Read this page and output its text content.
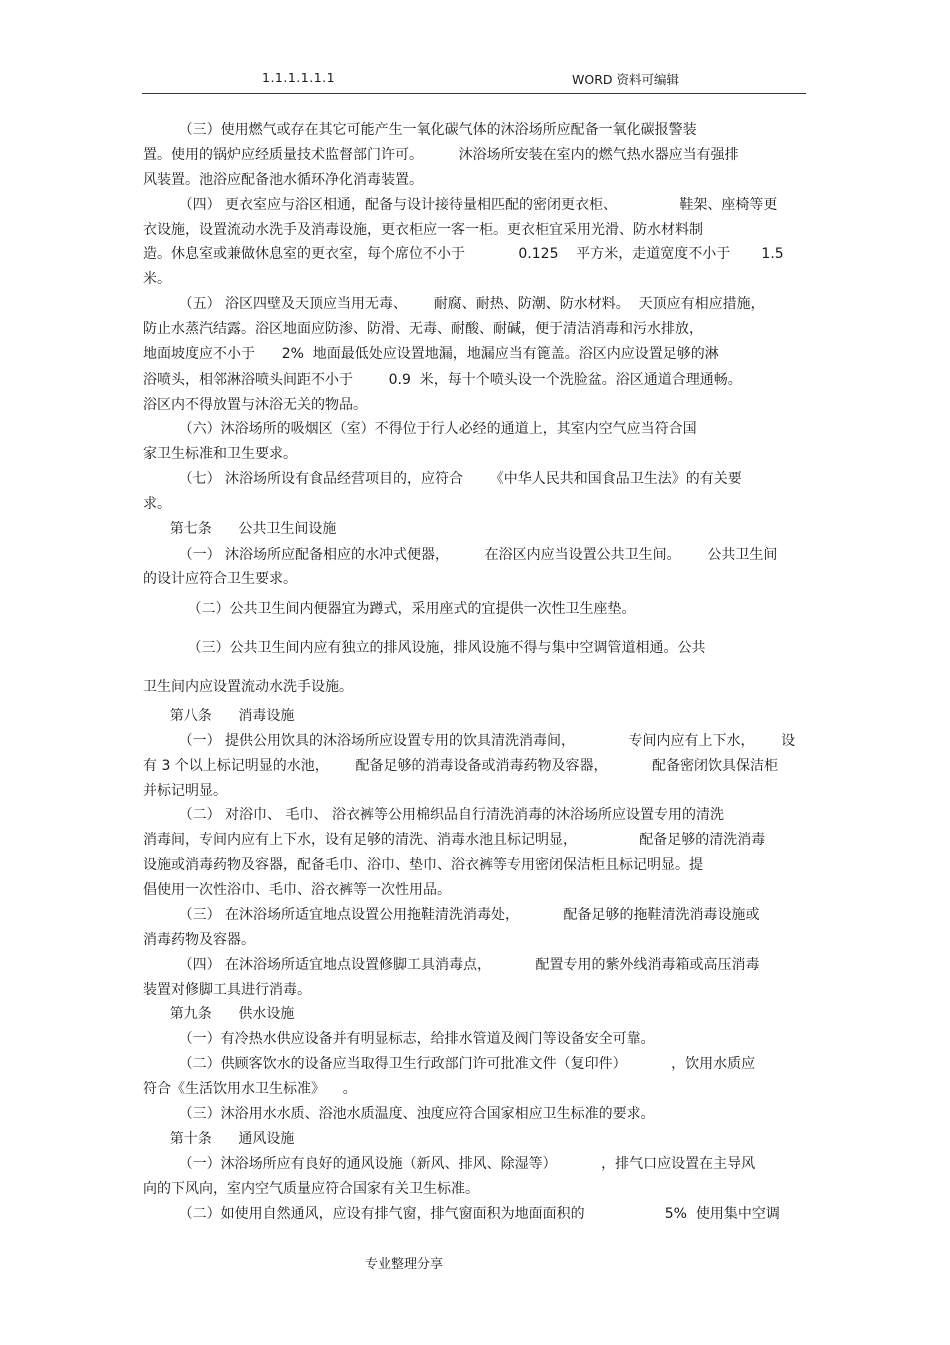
1.1.1.1.1.1	WORD 资料可编辑
（三）使用燃气或存在其它可能产生一氧化碳气体的沐浴场所应配备一氧化碳报警装
置。使用的锅炉应经质量技术监督部门许可。        沐浴场所安装在室内的燃气热水器应当有强排
风装置。池浴应配备池水循环净化消毒装置。
（四） 更衣室应与浴区相通，配备与设计接待量相匹配的密闭更衣柜、              鞋架、座椅等更
衣设施，设置流动水洗手及消毒设施，更衣柜应一客一柜。更衣柜宜采用光滑、防水材料制
造。休息室或兼做休息室的更衣室，每个席位不小于            0.125    平方米，走道宽度不小于       1.5
米。
（五） 浴区四壁及天顶应当用无毒、      耐腐、耐热、防潮、防水材料。  天顶应有相应措施，
防止水蒸汽结露。浴区地面应防渗、防滑、无毒、耐酸、耐碱，便于清洁消毒和污水排放，
地面坡度应不小于      2%  地面最低处应设置地漏，地漏应当有篦盖。浴区内应设置足够的淋
浴喷头，相邻淋浴喷头间距不小于        0.9  米，每十个喷头设一个洗脸盆。浴区通道合理通畅。
浴区内不得放置与沐浴无关的物品。
（六）沐浴场所的吸烟区（室）不得位于行人必经的通道上，其室内空气应当符合国
家卫生标准和卫生要求。
（七） 沐浴场所设有食品经营项目的，应符合      《中华人民共和国食品卫生法》的有关要
求。
第七条      公共卫生间设施
（一） 沐浴场所应配备相应的水冲式便器，        在浴区内应当设置公共卫生间。      公共卫生间
的设计应符合卫生要求。
（二）公共卫生间内便器宜为蹲式，采用座式的宜提供一次性卫生座垫。
（三）公共卫生间内应有独立的排风设施，排风设施不得与集中空调管道相通。公共
卫生间内应设置流动水洗手设施。
第八条      消毒设施
（一） 提供公用饮具的沐浴场所应设置专用的饮具清洗消毒间，            专间内应有上下水，      设
有 3 个以上标记明显的水池，      配备足够的消毒设备或消毒药物及容器，          配备密闭饮具保洁柜
并标记明显。
（二） 对浴巾、 毛巾、 浴衣裤等公用棉织品自行清洗消毒的沐浴场所应设置专用的清洗
消毒间，专间内应有上下水，设有足够的清洗、消毒水池且标记明显，              配备足够的清洗消毒
设施或消毒药物及容器，配备毛巾、浴巾、垫巾、浴衣裤等专用密闭保洁柜且标记明显。提
倡使用一次性浴巾、毛巾、浴衣裤等一次性用品。
（三） 在沐浴场所适宜地点设置公用拖鞋清洗消毒处，          配备足够的拖鞋清洗消毒设施或
消毒药物及容器。
（四） 在沐浴场所适宜地点设置修脚工具消毒点，          配置专用的紫外线消毒箱或高压消毒
装置对修脚工具进行消毒。
第九条      供水设施
（一）有冷热水供应设备并有明显标志，给排水管道及阀门等设备安全可靠。
（二）供顾客饮水的设备应当取得卫生行政部门许可批准文件（复印件）          ，饮用水质应
符合《生活饮用水卫生标准》    。
（三）沐浴用水水质、浴池水质温度、浊度应符合国家相应卫生标准的要求。
第十条      通风设施
（一）沐浴场所应有良好的通风设施（新风、排风、除湿等）          ，排气口应设置在主导风
向的下风向，室内空气质量应符合国家有关卫生标准。
（二）如使用自然通风，应设有排气窗，排气窗面积为地面面积的                  5%  使用集中空调
专业整理分享
